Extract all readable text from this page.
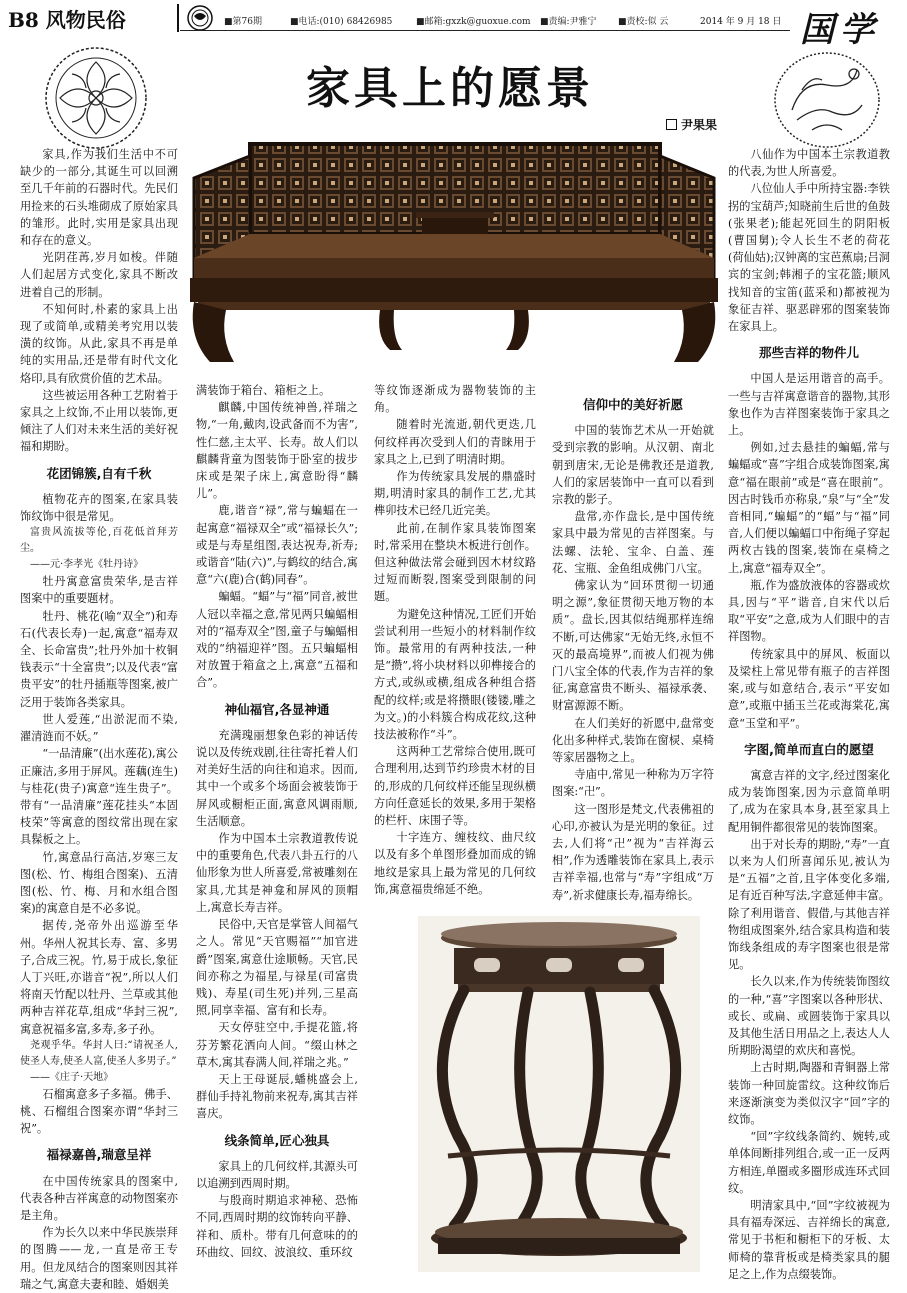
B8 风物民俗	■第76期	■电话:(010) 68426985	■邮箱:gxzk@guoxue.com ■责编:尹雅宁 ■责校:似 云	2014 年 9 月 18 日 国学
家具上的愿景
尹果果

家具,作为我们生活中不可缺少的一部分,其诞生可以回溯至几千年前的石器时代。先民们用捡来的石头堆砌成了原始家具的雏形。此时,实用是家具出现和存在的意义。

光阴荏苒,岁月如梭。伴随人们起居方式变化,家具不断改进着自己的形制。

不知何时,朴素的家具上出现了或简单,或精美考究用以装潢的纹饰。从此,家具不再是单纯的实用品,还是带有时代文化烙印,具有欣赏价值的艺术品。

这些被运用各种工艺附着于家具之上纹饰,不止用以装饰,更倾注了人们对未来生活的美好祝福和期盼。

花团锦簇,自有千秋

植物花卉的图案,在家具装饰纹饰中很是常见。

富贵风流拔等伦,百花低首拜芳尘。

——元·李孝光《牡丹诗》

牡丹寓意富贵荣华,是吉祥图案中的重要题材。

牡丹、桃花(喻“双全”)和寿石(代表长寿)一起,寓意“福寿双全、长命富贵”;牡丹外加十枚铜钱表示“十全富贵”;以及代表“富贵平安”的牡丹插瓶等图案,被广泛用于装饰各类家具。

世人爱莲,“出淤泥而不染,濯清涟而不妖。”

“一品清廉”(出水莲花),寓公正廉洁,多用于屏风。莲藕(连生)与桂花(贵子)寓意“连生贵子”。带有“一品清廉”莲花挂头“本固枝荣”等寓意的图纹常出现在家具髹板之上。

竹,寓意品行高洁,岁寒三友图(松、竹、梅组合图案)、五清图(松、竹、梅、月和水组合图案)的寓意自是不必多说。

据传,尧帝外出巡游至华州。华州人祝其长寿、富、多男子,合成三祝。竹,易于成长,象征人丁兴旺,亦谐音“祝”,所以人们将南天竹配以牡丹、兰草或其他两种吉祥花草,组成“华封三祝”,寓意祝福多富,多寿,多子孙。

尧观乎华。华封人曰:“请祝圣人,使圣人寿,使圣人富,使圣人多男子。”

——《庄子·天地》

石榴寓意多子多福。佛手、桃、石榴组合图案亦谓“华封三祝”。

福禄嘉兽,瑞意呈祥

在中国传统家具的图案中,代表各种吉祥寓意的动物图案亦是主角。

作为长久以来中华民族崇拜的图腾——龙,一直是帝王专用。但龙凤结合的图案则因其祥瑞之气,寓意夫妻和睦、婚姻美

满装饰于箱台、箱柜之上。

麒麟,中国传统神兽,祥瑞之物,“一角,戴肉,设武备而不为害”,性仁慈,主太平、长寿。故人们以麒麟背童为图装饰于卧室的拔步床或是架子床上,寓意盼得“麟儿”。

鹿,谐音“禄”,常与蝙蝠在一起寓意“福禄双全”或“福禄长久”;或是与寿星组图,表达祝寿,祈寿;或谐音“陆(六)”,与鹤纹的结合,寓意“六(鹿)合(鹤)同春”。

蝙蝠。“蝠”与“福”同音,被世人冠以幸福之意,常见两只蝙蝠相对的“福寿双全”图,童子与蝙蝠相戏的“纳福迎祥”图。五只蝙蝠相对放置于箱盒之上,寓意“五福和合”。

神仙福官,各显神通

充满瑰丽想象色彩的神话传说以及传统戏剧,往往寄托着人们对美好生活的向往和追求。因而,其中一个或多个场面会被装饰于屏风或橱柜正面,寓意风调雨顺,生活顺意。

作为中国本土宗教道教传说中的重要角色,代表八卦五行的八仙形象为世人所喜爱,常被雕刻在家具,尤其是神龛和屏风的顶帽上,寓意长寿吉祥。

民俗中,天官是掌管人间福气之人。常见“天官赐福”“加官进爵”图案,寓意仕途顺畅。天官,民间亦称之为福星,与禄星(司富贵贱)、寿星(司生死)并列,三星高照,同享幸福、富有和长寿。

天女停驻空中,手提花篮,将芬芳繁花洒向人间。“缀山林之草木,寓其春满人间,祥瑞之兆。”

天上王母诞辰,蟠桃盛会上,群仙手持礼物前来祝寿,寓其吉祥喜庆。

线条简单,匠心独具

家具上的几何纹样,其源头可以追溯到西周时期。

与殷商时期追求神秘、恐怖不同,西周时期的纹饰转向平静、祥和、质朴。带有几何意味的的环曲纹、回纹、波浪纹、重环纹

等纹饰逐渐成为器物装饰的主角。

随着时光流逝,朝代更迭,几何纹样再次受到人们的青睐用于家具之上,已到了明清时期。

作为传统家具发展的鼎盛时期,明清时家具的制作工艺,尤其榫卯技术已经几近完美。

此前,在制作家具装饰图案时,常采用在整块木板进行创作。但这种做法常会碰到因木材纹路过短而断裂,图案受到限制的问题。

为避免这种情况,工匠们开始尝试利用一些短小的材料制作纹饰。最常用的有两种技法,一种是“攒”,将小块材料以卯榫接合的方式,或纵或横,组成各种组合搭配的纹样;或是将攒眼(镂镂,雕之为文。)的小料簇合构成花纹,这种技法被称作“斗”。

这两种工艺常综合使用,既可合理利用,达到节约珍贵木材的目的,形成的几何纹样还能呈现纵横方向任意延长的效果,多用于架格的栏杆、床围子等。

十字连方、缠枝纹、曲尺纹以及有多个单图形叠加而成的锦地纹是家具上最为常见的几何纹饰,寓意福贵绵延不绝。

信仰中的美好祈愿

中国的装饰艺术从一开始就受到宗教的影响。从汉朝、南北朝到唐宋,无论是佛教还是道教,人们的家居装饰中一直可以看到宗教的影子。

盘常,亦作盘长,是中国传统家具中最为常见的吉祥图案。与法螺、法轮、宝伞、白盖、莲花、宝瓶、金鱼组成佛门八宝。

佛家认为“回环贯彻一切通明之源”,象征贯彻天地万物的本质”。盘长,因其似结绳那样连绵不断,可达佛家“无始无终,永恒不灭的最高境界”,而被人们视为佛门八宝全体的代表,作为吉祥的象征,寓意富贵不断头、福禄承袭、财富源源不断。

在人们美好的祈愿中,盘常变化出多种样式,装饰在窗棂、桌椅等家居器物之上。

寺庙中,常见一种称为万字符图案:“卍”。

这一图形是梵文,代表佛祖的心印,亦被认为是光明的象征。过去,人们将“卍”视为“吉祥海云相”,作为透雕装饰在家具上,表示吉祥幸福,也常与“寿”字组成“万寿”,祈求健康长寿,福寿绵长。

八仙作为中国本土宗教道教的代表,为世人所喜爱。

八位仙人手中所持宝器:李铁拐的宝葫芦;知晓前生后世的鱼鼓(张果老);能起死回生的阴阳板(曹国舅);令人长生不老的荷花(荷仙姑);汉钟离的宝芭蕉扇;吕洞宾的宝剑;韩湘子的宝花篮;顺风找知音的宝笛(蓝采和)都被视为象征吉祥、驱恶辟邪的图案装饰在家具上。

那些吉祥的物件儿

中国人是运用谐音的高手。一些与吉祥寓意谐音的器物,其形象也作为吉祥图案装饰于家具之上。

例如,过去悬挂的蝙蝠,常与蝙蝠或“喜”字组合成装饰图案,寓意“福在眼前”或是“喜在眼前”。因古时钱币亦称泉,“泉”与“全”发音相同,“蝙蝠”的“蝠”与“福”同音,人们便以蝙蝠口中衔绳子穿起两枚古钱的图案,装饰在桌椅之上,寓意“福寿双全”。

瓶,作为盛放液体的容器或炊具,因与“平”谐音,自宋代以后取“平安”之意,成为人们眼中的吉祥图物。

传统家具中的屏风、板面以及梁柱上常见带有瓶子的吉祥图案,或与如意结合,表示“平安如意”,或瓶中插玉兰花或海棠花,寓意“玉堂和平”。

字图,简单而直白的愿望

寓意吉祥的文字,经过图案化成为装饰图案,因为示意简单明了,成为在家具本身,甚至家具上配用铜件都很常见的装饰图案。

出于对长寿的期盼,“寿”一直以来为人们所喜闻乐见,被认为是“五福”之首,且字体变化多端,足有近百种写法,字意延伸丰富。除了利用谐音、假借,与其他吉祥物组成图案外,结合家具构造和装饰线条组成的寿字图案也很是常见。

长久以来,作为传统装饰图纹的一种,“喜”字图案以各种形状、或长、或扁、或圆装饰于家具以及其他生活日用品之上,表达人人所期盼渴望的欢庆和喜悦。

上古时期,陶器和青铜器上常装饰一种回旋雷纹。这种纹饰后来逐渐演变为类似汉字“回”字的纹饰。

“回”字纹线条简约、婉转,或单体间断排列组合,或一正一反两方相连,单圈或多圈形成连环式回纹。

明清家具中,“回”字纹被视为具有福寿深远、吉祥绵长的寓意,常见于书柜和橱柜下的牙板、太师椅的靠背板或是椅类家具的腿足之上,作为点缀装饰。
